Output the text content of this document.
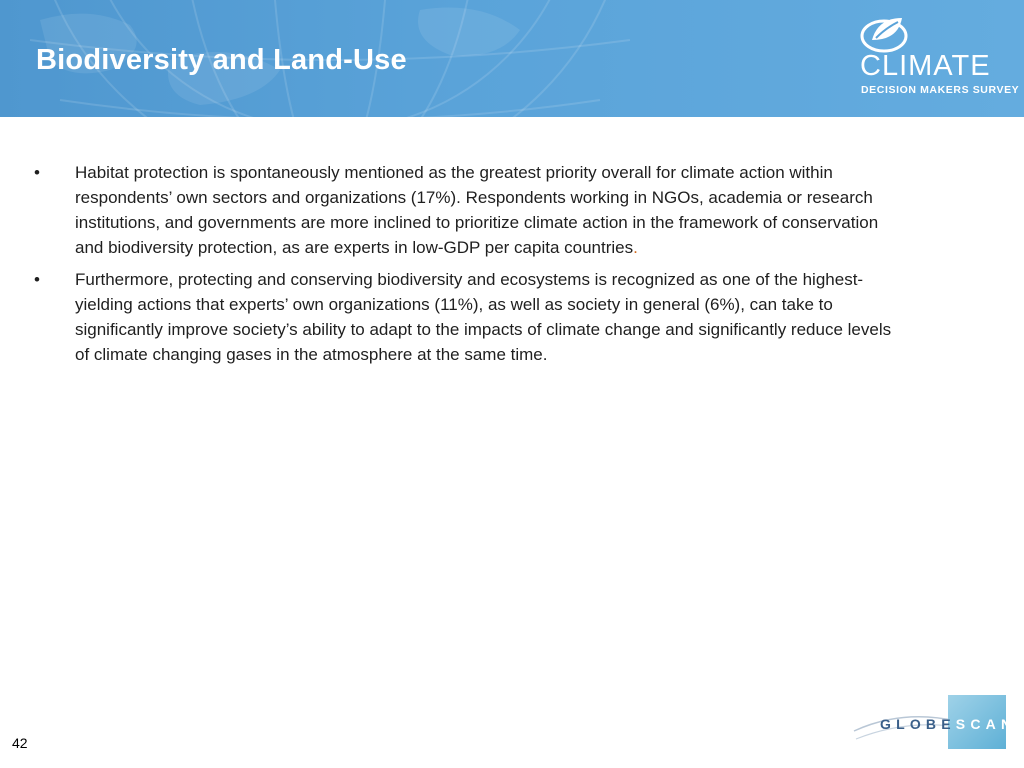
Biodiversity and Land-Use	CLIMATE
DECISION MAKERS SURVEY
•	Habitat protection is spontaneously mentioned as the greatest priority overall for climate action within respondents’ own sectors and organizations (17%). Respondents working in NGOs, academia or research institutions, and governments are more inclined to prioritize climate action in the framework of conservation and biodiversity protection, as are experts in low-GDP per capita countries.
•	Furthermore, protecting and conserving biodiversity and ecosystems is recognized as one of the highest-yielding actions that experts’ own organizations (11%), as well as society in general (6%), can take to significantly improve society’s ability to adapt to the impacts of climate change and significantly reduce levels of climate changing gases in the atmosphere at the same time.
42
GLOBESCAN
